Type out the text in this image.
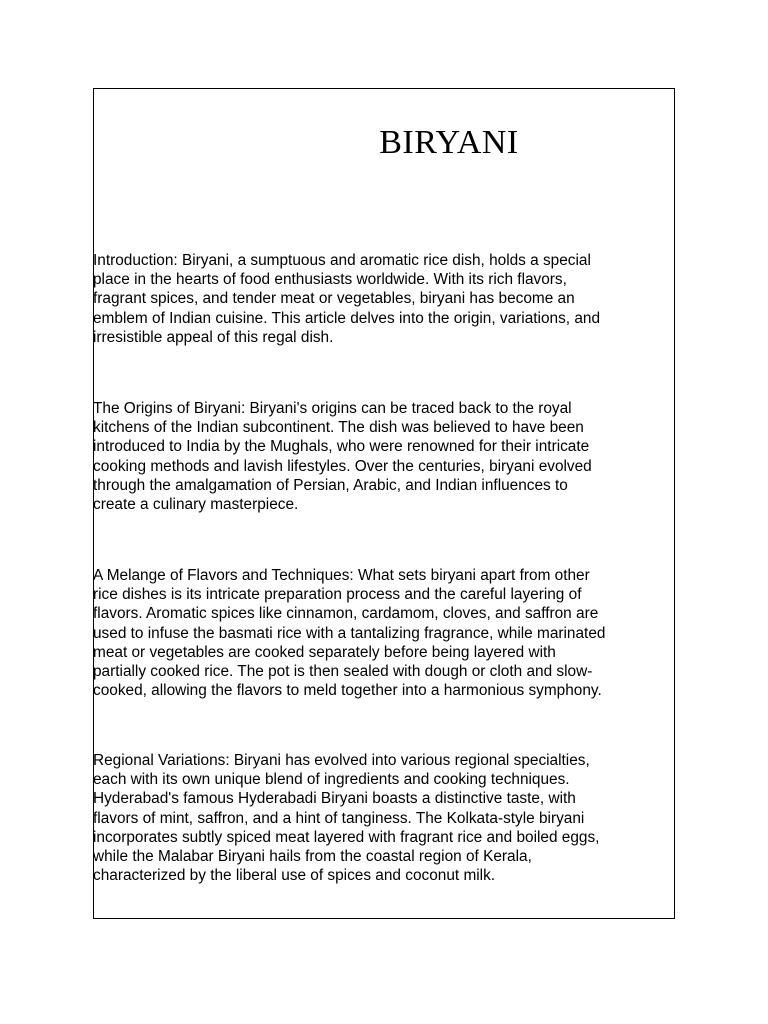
BIRYANI

Introduction: Biryani, a sumptuous and aromatic rice dish, holds a special
place in the hearts of food enthusiasts worldwide. With its rich flavors,
fragrant spices, and tender meat or vegetables, biryani has become an
emblem of Indian cuisine. This article delves into the origin, variations, and
irresistible appeal of this regal dish.

The Origins of Biryani: Biryani's origins can be traced back to the royal
kitchens of the Indian subcontinent. The dish was believed to have been
introduced to India by the Mughals, who were renowned for their intricate
cooking methods and lavish lifestyles. Over the centuries, biryani evolved
through the amalgamation of Persian, Arabic, and Indian influences to
create a culinary masterpiece.

A Melange of Flavors and Techniques: What sets biryani apart from other
rice dishes is its intricate preparation process and the careful layering of
flavors. Aromatic spices like cinnamon, cardamom, cloves, and saffron are
used to infuse the basmati rice with a tantalizing fragrance, while marinated
meat or vegetables are cooked separately before being layered with
partially cooked rice. The pot is then sealed with dough or cloth and slow-
cooked, allowing the flavors to meld together into a harmonious symphony.

Regional Variations: Biryani has evolved into various regional specialties,
each with its own unique blend of ingredients and cooking techniques.
Hyderabad's famous Hyderabadi Biryani boasts a distinctive taste, with
flavors of mint, saffron, and a hint of tanginess. The Kolkata-style biryani
incorporates subtly spiced meat layered with fragrant rice and boiled eggs,
while the Malabar Biryani hails from the coastal region of Kerala,
characterized by the liberal use of spices and coconut milk.
